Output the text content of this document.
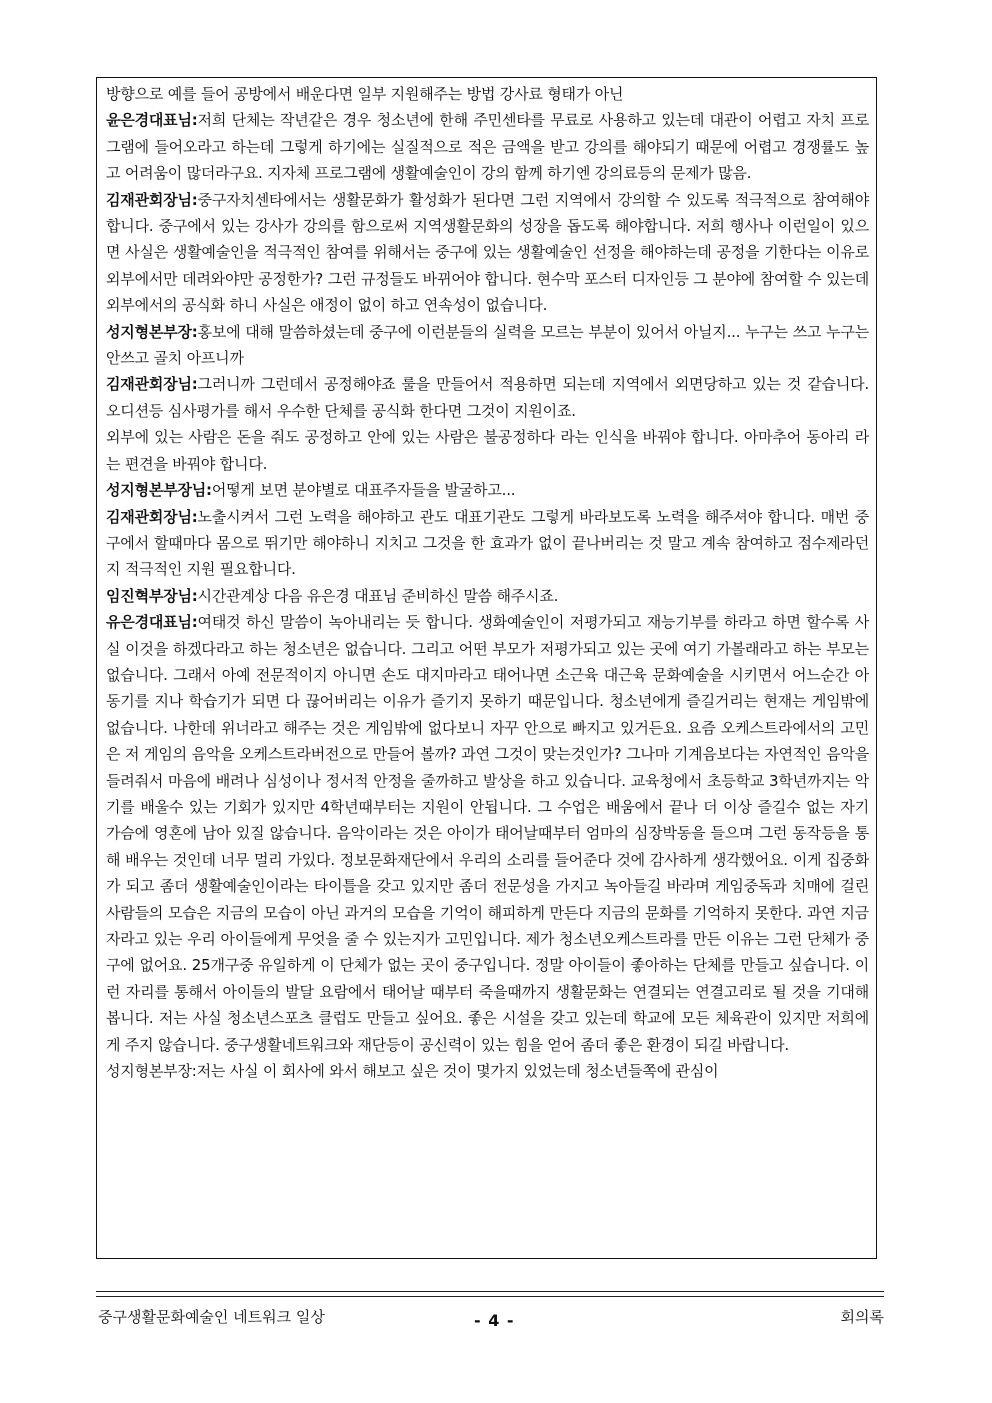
방향으로 예를 들어 공방에서 배운다면 일부 지원해주는 방법 강사료 형태가 아닌

윤은경대표님:저희 단체는 작년같은 경우 청소년에 한해 주민센타를 무료로 사용하고 있는데 대관이 어렵고 자치 프로그램에 들어오라고 하는데 그렇게 하기에는 실질적으로 적은 금액을 받고 강의를 해야되기 때문에 어렵고 경쟁률도 높고 어려움이 많더라구요. 지자체 프로그램에 생활예술인이 강의 함께 하기엔 강의료등의 문제가 많음.

김재관회장님:중구자치센타에서는 생활문화가 활성화가 된다면 그런 지역에서 강의할 수 있도록 적극적으로 참여해야 합니다. 중구에서 있는 강사가 강의를 함으로써 지역생활문화의 성장을 돕도록 해야합니다. 저희 행사나 이런일이 있으면 사실은 생활예술인을 적극적인 참여를 위해서는 중구에 있는 생활예술인 선정을 해야하는데 공정을 기한다는 이유로 외부에서만 데려와야만 공정한가? 그런 규정들도 바뀌어야 합니다. 현수막 포스터 디자인등 그 분야에 참여할 수 있는데 외부에서의 공식화 하니 사실은 애정이 없이 하고 연속성이 없습니다.

성지형본부장:홍보에 대해 말씀하셨는데 중구에 이런분들의 실력을 모르는 부분이 있어서 아닐지... 누구는 쓰고 누구는 안쓰고 골치 아프니까

김재관회장님:그러니까 그런데서 공정해야죠 룰을 만들어서 적용하면 되는데 지역에서 외면당하고 있는 것 같습니다. 오디션등 심사평가를 해서 우수한 단체를 공식화 한다면 그것이 지원이죠.

외부에 있는 사람은 돈을 줘도 공정하고 안에 있는 사람은 불공정하다 라는 인식을 바꿔야 합니다. 아마추어 동아리 라는 편견을 바꿔야 합니다.

성지형본부장님:어떻게 보면 분야별로 대표주자들을 발굴하고...

김재관회장님:노출시켜서 그런 노력을 해야하고 관도 대표기관도 그렇게 바라보도록 노력을 해주셔야 합니다. 매번 중구에서 할때마다 몸으로 뛰기만 해야하니 지치고 그것을 한 효과가 없이 끝나버리는 것 말고 계속 참여하고 점수제라던지 적극적인 지원 필요합니다.

임진혁부장님:시간관계상 다음 유은경 대표님 준비하신 말씀 해주시죠.

유은경대표님:여태것 하신 말씀이 녹아내리는 듯 합니다. 생화예술인이 저평가되고 재능기부를 하라고 하면 할수록 사실 이것을 하겠다라고 하는 청소년은 없습니다. 그리고 어떤 부모가 저평가되고 있는 곳에 여기 가볼래라고 하는 부모는 없습니다. 그래서 아예 전문적이지 아니면 손도 대지마라고 태어나면 소근육 대근육 문화예술을 시키면서 어느순간 아동기를 지나 학습기가 되면 다 끊어버리는 이유가 즐기지 못하기 때문입니다. 청소년에게 즐길거리는 현재는 게임밖에 없습니다. 나한데 위너라고 해주는 것은 게임밖에 없다보니 자꾸 안으로 빠지고 있거든요. 요즘 오케스트라에서의 고민은 저 게임의 음악을 오케스트라버전으로 만들어 볼까? 과연 그것이 맞는것인가? 그나마 기계음보다는 자연적인 음악을 들려줘서 마음에 배려나 심성이나 정서적 안정을 줄까하고 발상을 하고 있습니다. 교육청에서 초등학교 3학년까지는 악기를 배울수 있는 기회가 있지만 4학년때부터는 지원이 안됩니다. 그 수업은 배움에서 끝나 더 이상 즐길수 없는 자기 가슴에 영혼에 남아 있질 않습니다. 음악이라는 것은 아이가 태어날때부터 엄마의 심장박동을 들으며 그런 동작등을 통해 배우는 것인데 너무 멀리 가있다. 정보문화재단에서 우리의 소리를 들어준다 것에 감사하게 생각했어요. 이게 집중화가 되고 좀더 생활예술인이라는 타이틀을 갖고 있지만 좀더 전문성을 가지고 녹아들길 바라며 게임중독과 치매에 걸린 사람들의 모습은 지금의 모습이 아닌 과거의 모습을 기억이 해피하게 만든다 지금의 문화를 기억하지 못한다. 과연 지금 자라고 있는 우리 아이들에게 무엇을 줄 수 있는지가 고민입니다. 제가 청소년오케스트라를 만든 이유는 그런 단체가 중구에 없어요. 25개구중 유일하게 이 단체가 없는 곳이 중구입니다. 정말 아이들이 좋아하는 단체를 만들고 싶습니다. 이런 자리를 통해서 아이들의 발달 요람에서 태어날 때부터 죽을때까지 생활문화는 연결되는 연결고리로 될 것을 기대해 봅니다. 저는 사실 청소년스포츠 클럽도 만들고 싶어요. 좋은 시설을 갖고 있는데 학교에 모든 체육관이 있지만 저희에게 주지 않습니다. 중구생활네트워크와 재단등이 공신력이 있는 힘을 얻어 좀더 좋은 환경이 되길 바랍니다.

성지형본부장:저는 사실 이 회사에 와서 해보고 싶은 것이 몇가지 있었는데 청소년들쪽에 관심이

중구생활문화예술인 네트워크 일상	- 4 -	회의록
